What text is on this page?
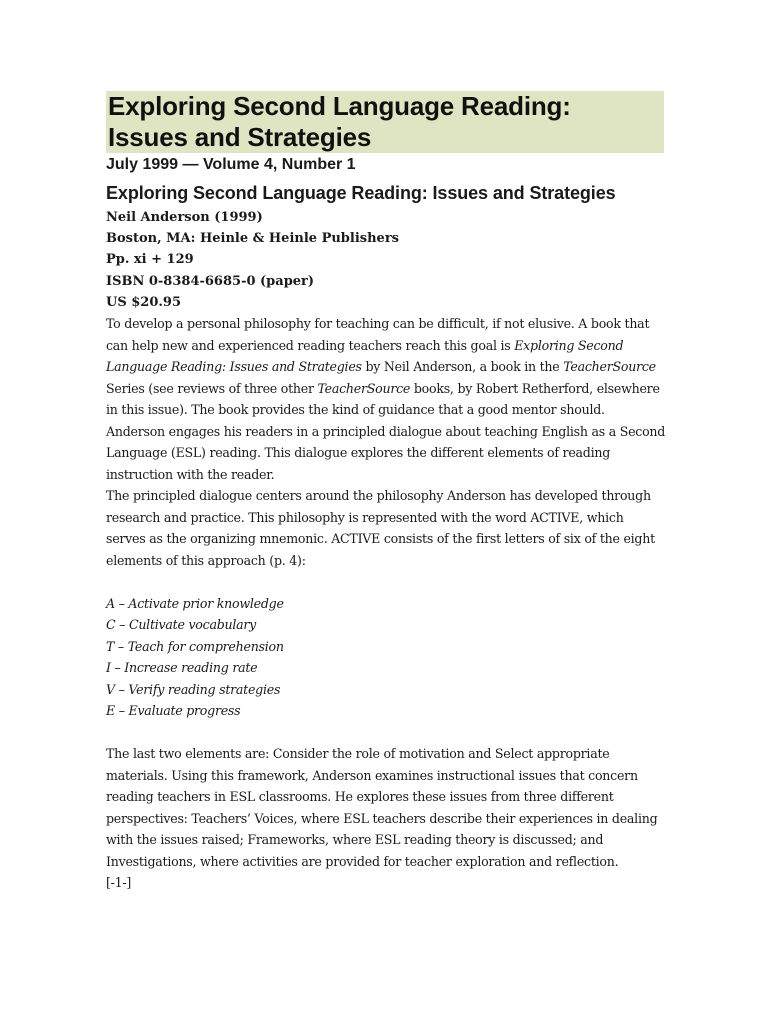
Exploring Second Language Reading:
Issues and Strategies
July 1999 — Volume 4, Number 1
Exploring Second Language Reading: Issues and Strategies
Neil Anderson (1999)
Boston, MA: Heinle & Heinle Publishers
Pp. xi + 129
ISBN 0-8384-6685-0 (paper)
US $20.95

To develop a personal philosophy for teaching can be difficult, if not elusive. A book that can help new and experienced reading teachers reach this goal is Exploring Second Language Reading: Issues and Strategies by Neil Anderson, a book in the TeacherSource Series (see reviews of three other TeacherSource books, by Robert Retherford, elsewhere in this issue). The book provides the kind of guidance that a good mentor should. Anderson engages his readers in a principled dialogue about teaching English as a Second Language (ESL) reading. This dialogue explores the different elements of reading instruction with the reader.

The principled dialogue centers around the philosophy Anderson has developed through research and practice. This philosophy is represented with the word ACTIVE, which serves as the organizing mnemonic. ACTIVE consists of the first letters of six of the eight elements of this approach (p. 4):

A – Activate prior knowledge
C – Cultivate vocabulary
T – Teach for comprehension
I – Increase reading rate
V – Verify reading strategies
E – Evaluate progress

The last two elements are: Consider the role of motivation and Select appropriate materials. Using this framework, Anderson examines instructional issues that concern reading teachers in ESL classrooms. He explores these issues from three different perspectives: Teachers’ Voices, where ESL teachers describe their experiences in dealing with the issues raised; Frameworks, where ESL reading theory is discussed; and Investigations, where activities are provided for teacher exploration and reflection.

[-1-]
